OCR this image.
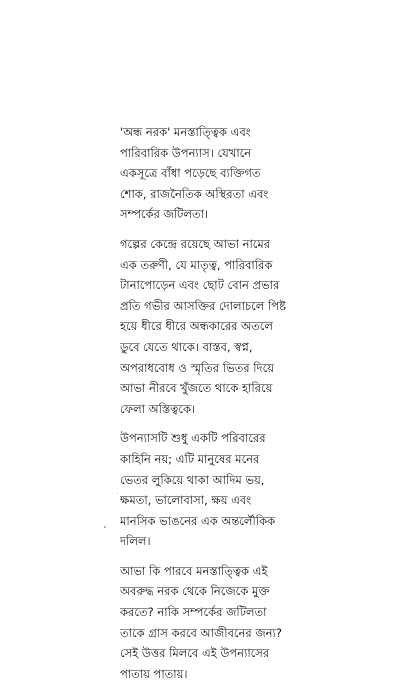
'অন্ধ নরক' মনস্তাত্ত্বিক এবং
পারিবারিক উপন্যাস। যেখানে
একসূত্রে বাঁধা পড়েছে ব্যক্তিগত
শোক, রাজনৈতিক অস্থিরতা এবং
সম্পর্কের জটিলতা।

গল্পের কেন্দ্রে রয়েছে আভা নামের
এক তরুণী, যে মাতৃত্ব, পারিবারিক
টানাপোড়েন এবং ছোট বোন প্রভার
প্রতি গভীর আসক্তির দোলাচলে পিষ্ট
হয়ে ধীরে ধীরে অন্ধকারের অতলে
ডুবে যেতে থাকে। বাস্তব, স্বপ্ন,
অপরাধবোধ ও স্মৃতির ভিতর দিয়ে
আভা নীরবে খুঁজতে থাকে হারিয়ে
ফেলা অস্তিত্বকে।

উপন্যাসটি শুধু একটি পরিবারের
কাহিনি নয়; এটি মানুষের মনের
ভেতর লুকিয়ে থাকা আদিম ভয়,
ক্ষমতা, ভালোবাসা, ক্ষয় এবং
মানসিক ভাঙনের এক অন্তর্লৌকিক
দলিল।

আভা কি পারবে মনস্তাত্ত্বিক এই
অবরুদ্ধ নরক থেকে নিজেকে মুক্ত
করতে? নাকি সম্পর্কের জটিলতা
তাকে গ্রাস করবে আজীবনের জন্য?
সেই উত্তর মিলবে এই উপন্যাসের
পাতায় পাতায়।
